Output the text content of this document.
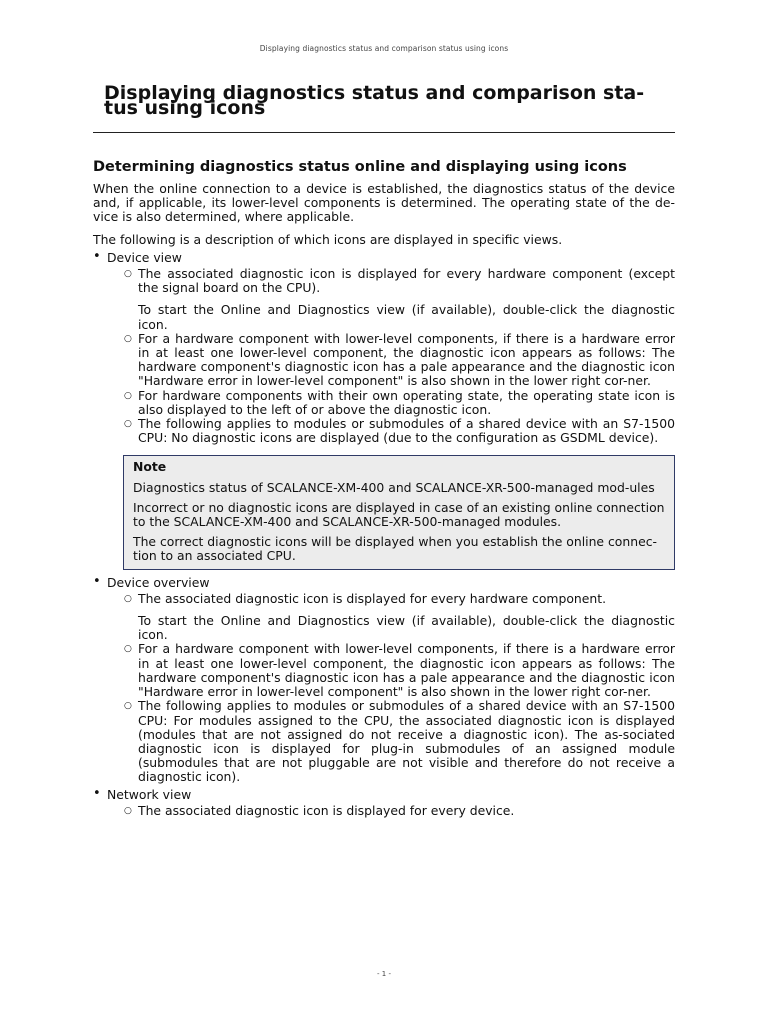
Displaying diagnostics status and comparison status using icons
Displaying diagnostics status and comparison sta-tus using icons
Determining diagnostics status online and displaying using icons

When the online connection to a device is established, the diagnostics status of the device and, if applicable, its lower-level components is determined. The operating state of the de-vice is also determined, where applicable.

The following is a description of which icons are displayed in specific views.

• Device view
○ The associated diagnostic icon is displayed for every hardware component (except the signal board on the CPU).

To start the Online and Diagnostics view (if available), double-click the diagnostic icon.

○ For a hardware component with lower-level components, if there is a hardware error in at least one lower-level component, the diagnostic icon appears as follows: The hardware component's diagnostic icon has a pale appearance and the diagnostic icon "Hardware error in lower-level component" is also shown in the lower right cor-ner.

○ For hardware components with their own operating state, the operating state icon is also displayed to the left of or above the diagnostic icon.

○ The following applies to modules or submodules of a shared device with an S7-1500 CPU: No diagnostic icons are displayed (due to the configuration as GSDML device).

Note

Diagnostics status of SCALANCE-XM-400 and SCALANCE-XR-500-managed mod-ules

Incorrect or no diagnostic icons are displayed in case of an existing online connection to the SCALANCE-XM-400 and SCALANCE-XR-500-managed modules.

The correct diagnostic icons will be displayed when you establish the online connec-tion to an associated CPU.

• Device overview
○ The associated diagnostic icon is displayed for every hardware component.

To start the Online and Diagnostics view (if available), double-click the diagnostic icon.

○ For a hardware component with lower-level components, if there is a hardware error in at least one lower-level component, the diagnostic icon appears as follows: The hardware component's diagnostic icon has a pale appearance and the diagnostic icon "Hardware error in lower-level component" is also shown in the lower right cor-ner.

○ The following applies to modules or submodules of a shared device with an S7-1500 CPU: For modules assigned to the CPU, the associated diagnostic icon is displayed (modules that are not assigned do not receive a diagnostic icon). The as-sociated diagnostic icon is displayed for plug-in submodules of an assigned module (submodules that are not pluggable are not visible and therefore do not receive a diagnostic icon).

• Network view
○ The associated diagnostic icon is displayed for every device.

- 1 -
